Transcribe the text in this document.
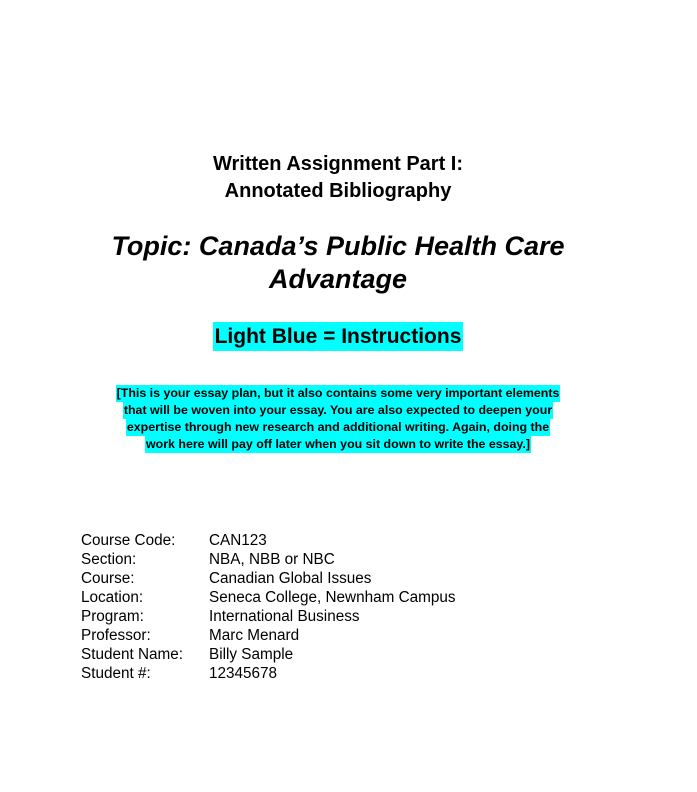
Written Assignment Part I:
Annotated Bibliography
Topic: Canada’s Public Health Care
Advantage
Light Blue = Instructions
[This is your essay plan, but it also contains some very important elements
that will be woven into your essay. You are also expected to deepen your
expertise through new research and additional writing. Again, doing the
work here will pay off later when you sit down to write the essay.]
Course Code:	CAN123
Section:	NBA, NBB or NBC
Course:	Canadian Global Issues
Location:	Seneca College, Newnham Campus
Program:	International Business
Professor:	Marc Menard
Student Name:	Billy Sample
Student #:	12345678
